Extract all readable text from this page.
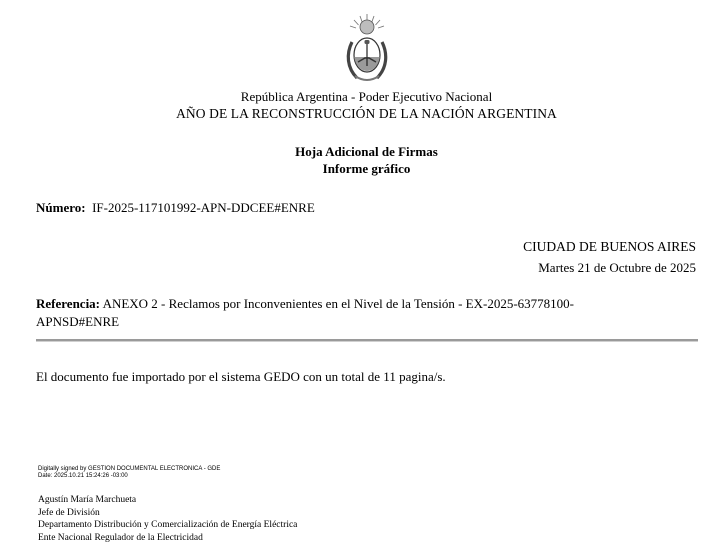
República Argentina - Poder Ejecutivo Nacional
AÑO DE LA RECONSTRUCCIÓN DE LA NACIÓN ARGENTINA
Hoja Adicional de Firmas
Informe gráfico
Número: IF-2025-117101992-APN-DDCEE#ENRE
CIUDAD DE BUENOS AIRES
Martes 21 de Octubre de 2025
Referencia: ANEXO 2 - Reclamos por Inconvenientes en el Nivel de la Tensión - EX-2025-63778100-
APNSD#ENRE
El documento fue importado por el sistema GEDO con un total de 11 pagina/s.
Digitally signed by GESTION DOCUMENTAL ELECTRONICA - GDE
Date: 2025.10.21 15:24:26 -03:00
Agustín María Marchueta
Jefe de División
Departamento Distribución y Comercialización de Energía Eléctrica
Ente Nacional Regulador de la Electricidad
